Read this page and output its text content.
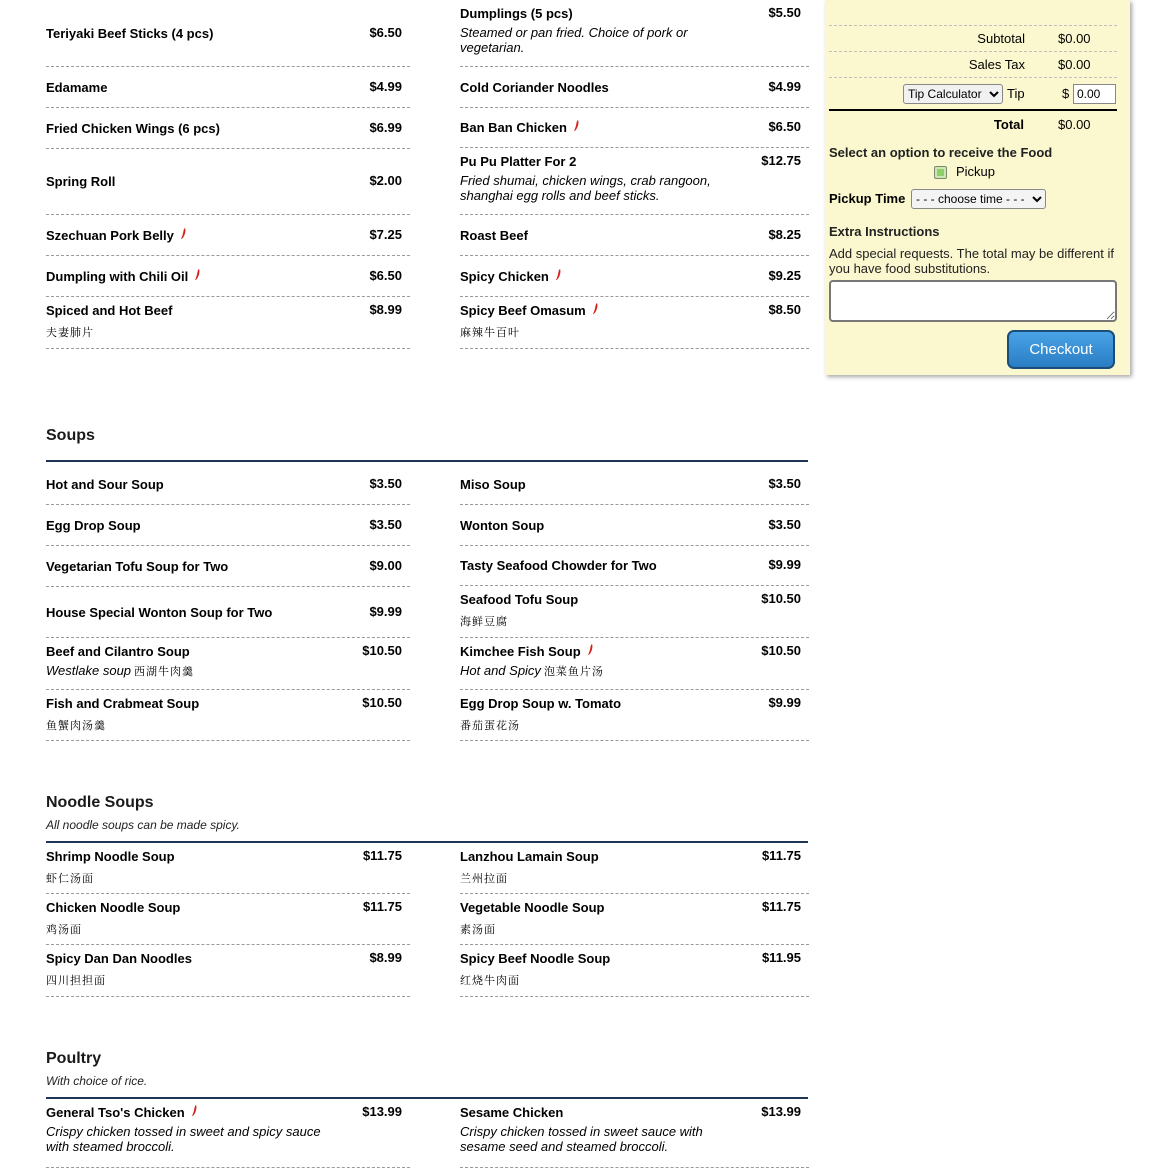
Teriyaki Beef Sticks (4 pcs)	$6.50
Edamame	$4.99
Fried Chicken Wings (6 pcs)	$6.99
Spring Roll	$2.00
Szechuan Pork Belly	$7.25
Dumpling with Chili Oil	$6.50
Spiced and Hot Beef	$8.99
夫妻肺片
Dumplings (5 pcs)	$5.50
Steamed or pan fried. Choice of pork or vegetarian.
Cold Coriander Noodles	$4.99
Ban Ban Chicken	$6.50
Pu Pu Platter For 2	$12.75
Fried shumai, chicken wings, crab rangoon, shanghai egg rolls and beef sticks.
Roast Beef	$8.25
Spicy Chicken	$9.25
Spicy Beef Omasum	$8.50
麻辣牛百叶
Soups
Hot and Sour Soup	$3.50
Egg Drop Soup	$3.50
Vegetarian Tofu Soup for Two	$9.00
House Special Wonton Soup for Two	$9.99
Beef and Cilantro Soup	$10.50
Westlake soup 西湖牛肉羹
Fish and Crabmeat Soup	$10.50
鱼蟹肉汤羹
Miso Soup	$3.50
Wonton Soup	$3.50
Tasty Seafood Chowder for Two	$9.99
Seafood Tofu Soup	$10.50
海鲜豆腐
Kimchee Fish Soup	$10.50
Hot and Spicy 泡菜鱼片汤
Egg Drop Soup w. Tomato	$9.99
番茄蛋花汤
Noodle Soups
All noodle soups can be made spicy.
Shrimp Noodle Soup	$11.75
虾仁汤面
Chicken Noodle Soup	$11.75
鸡汤面
Spicy Dan Dan Noodles	$8.99
四川担担面
Lanzhou Lamain Soup	$11.75
兰州拉面
Vegetable Noodle Soup	$11.75
素汤面
Spicy Beef Noodle Soup	$11.95
红烧牛肉面
Poultry
With choice of rice.
General Tso's Chicken	$13.99
Crispy chicken tossed in sweet and spicy sauce with steamed broccoli.
Sesame Chicken	$13.99
Crispy chicken tossed in sweet sauce with sesame seed and steamed broccoli.
Subtotal	$0.00
Sales Tax	$0.00
Tip Calculator
Tip	$
0.00
Total	$0.00
Select an option to receive the Food
Pickup
Pickup Time
- - - choose time - - -
Extra Instructions
Add special requests. The total may be different if you have food substitutions.
Checkout
